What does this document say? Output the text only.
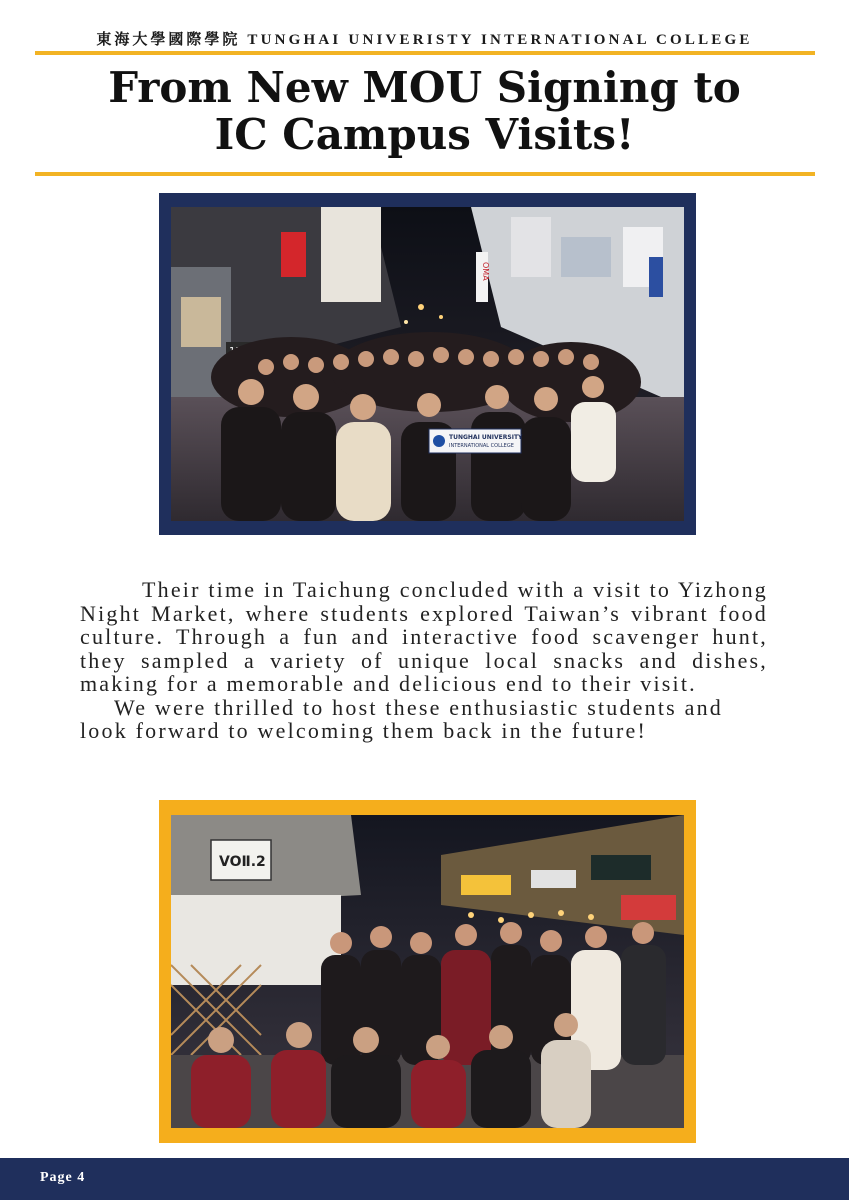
東海大學國際學院 TUNGHAI UNIVERISTY INTERNATIONAL COLLEGE
From New MOU Signing to
IC Campus Visits!
OMA
TUNGHAI UNIVERSITY
INTERNATIONAL COLLEGE

Their time in Taichung concluded with a visit to Yizhong Night Market, where students explored Taiwan’s vibrant food culture. Through a fun and interactive food scavenger hunt, they sampled a variety of unique local snacks and dishes, making for a memorable and delicious end to their visit.

We were thrilled to host these enthusiastic students and look forward to welcoming them back in the future!

VOⅡ.2
Page 4
